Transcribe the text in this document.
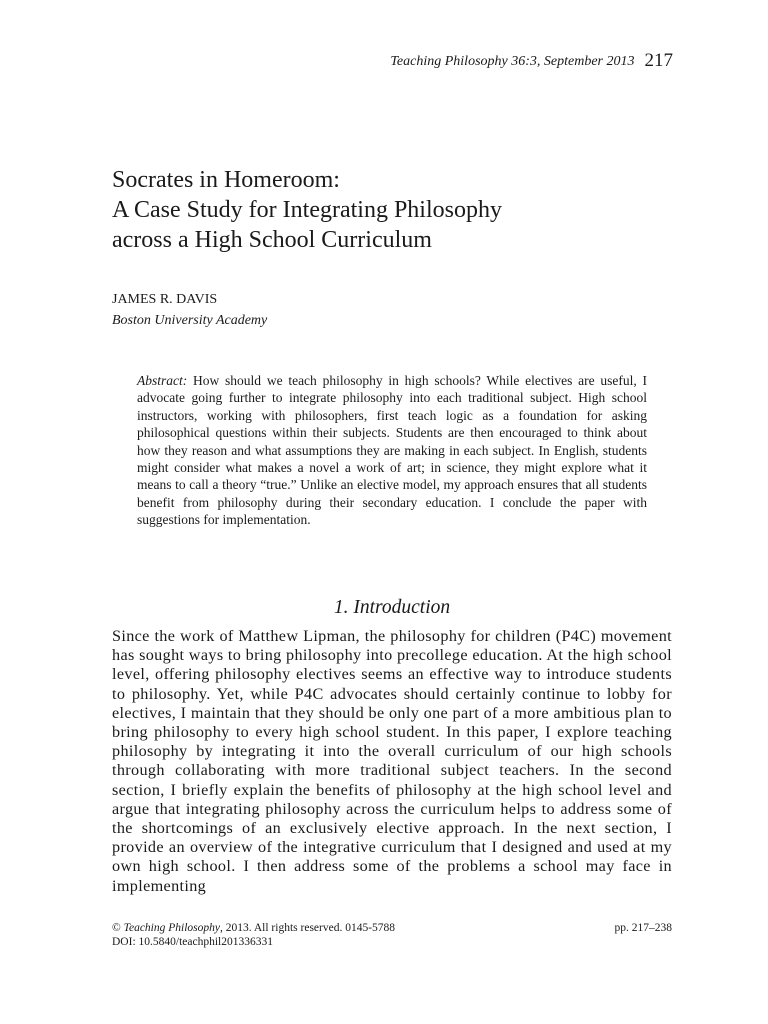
Teaching Philosophy 36:3, September 2013 217
Socrates in Homeroom:
A Case Study for Integrating Philosophy
across a High School Curriculum
JAMES R. DAVIS
Boston University Academy

Abstract: How should we teach philosophy in high schools? While electives are useful, I advocate going further to integrate philosophy into each traditional subject. High school instructors, working with philosophers, first teach logic as a foundation for asking philosophical questions within their subjects. Students are then encouraged to think about how they reason and what assumptions they are making in each subject. In English, students might consider what makes a novel a work of art; in science, they might explore what it means to call a theory “true.” Unlike an elective model, my approach ensures that all students benefit from philosophy during their secondary education. I conclude the paper with suggestions for implementation.

1. Introduction

Since the work of Matthew Lipman, the philosophy for children (P4C) movement has sought ways to bring philosophy into precollege education. At the high school level, offering philosophy electives seems an effective way to introduce students to philosophy. Yet, while P4C advocates should certainly continue to lobby for electives, I maintain that they should be only one part of a more ambitious plan to bring philosophy to every high school student. In this paper, I explore teaching philosophy by integrating it into the overall curriculum of our high schools through collaborating with more traditional subject teachers. In the second section, I briefly explain the benefits of philosophy at the high school level and argue that integrating philosophy across the curriculum helps to address some of the shortcomings of an exclusively elective approach. In the next section, I provide an overview of the integrative curriculum that I designed and used at my own high school. I then address some of the problems a school may face in implementing

© Teaching Philosophy, 2013. All rights reserved. 0145-5788
DOI: 10.5840/teachphil201336331
pp. 217–238
